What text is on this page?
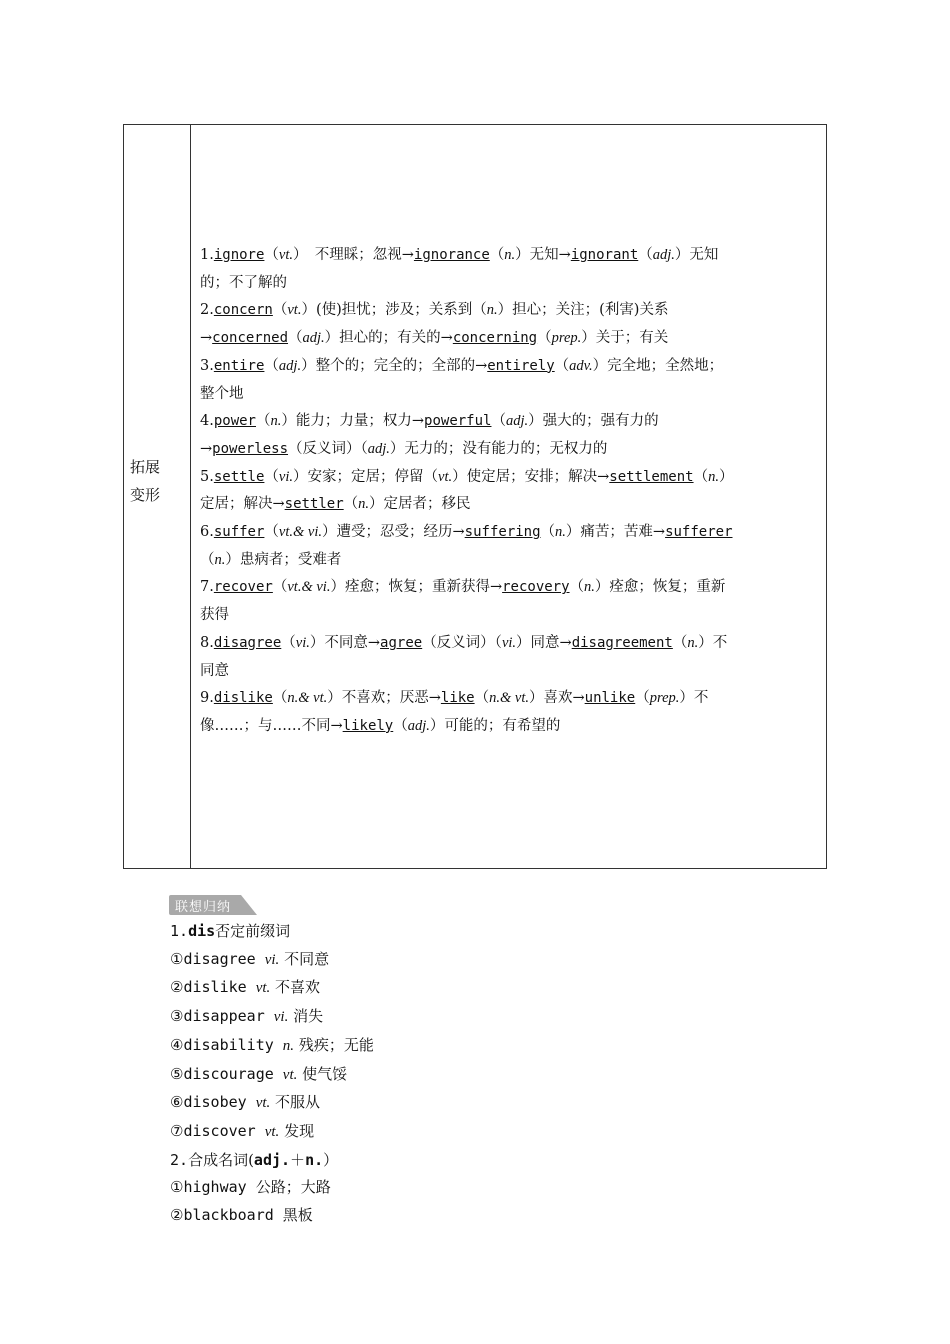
拓展
变形
1.ignore（vt.）　不理睬；忽视→ignorance（n.）无知→ignorant（adj.）无知
的；不了解的
2.concern（vt.）(使)担忧；涉及；关系到（n.）担心；关注；(利害)关系
→concerned（adj.）担心的；有关的→concerning（prep.）关于；有关
3.entire（adj.）整个的；完全的；全部的→entirely（adv.）完全地；全然地；
整个地
4.power（n.）能力；力量；权力→powerful（adj.）强大的；强有力的
→powerless（反义词）（adj.）无力的；没有能力的；无权力的
5.settle（vi.）安家；定居；停留（vt.）使定居；安排；解决→settlement（n.）
定居；解决→settler（n.）定居者；移民
6.suffer（vt.& vi.）遭受；忍受；经历→suffering（n.）痛苦；苦难→sufferer
（n.）患病者；受难者
7.recover（vt.& vi.）痊愈；恢复；重新获得→recovery（n.）痊愈；恢复；重新
获得
8.disagree（vi.）不同意→agree（反义词）（vi.）同意→disagreement（n.）不
同意
9.dislike（n.& vt.）不喜欢；厌恶→like（n.& vt.）喜欢→unlike（prep.）不
像……；与……不同→likely（adj.）可能的；有希望的
联想归纳
1.dis否定前缀词
①disagree vi. 不同意
②dislike vt. 不喜欢
③disappear vi. 消失
④disability n. 残疾；无能
⑤discourage vt. 使气馁
⑥disobey vt. 不服从
⑦discover vt. 发现
2.合成名词(adj.＋n.）
①highway 公路；大路
②blackboard 黑板
